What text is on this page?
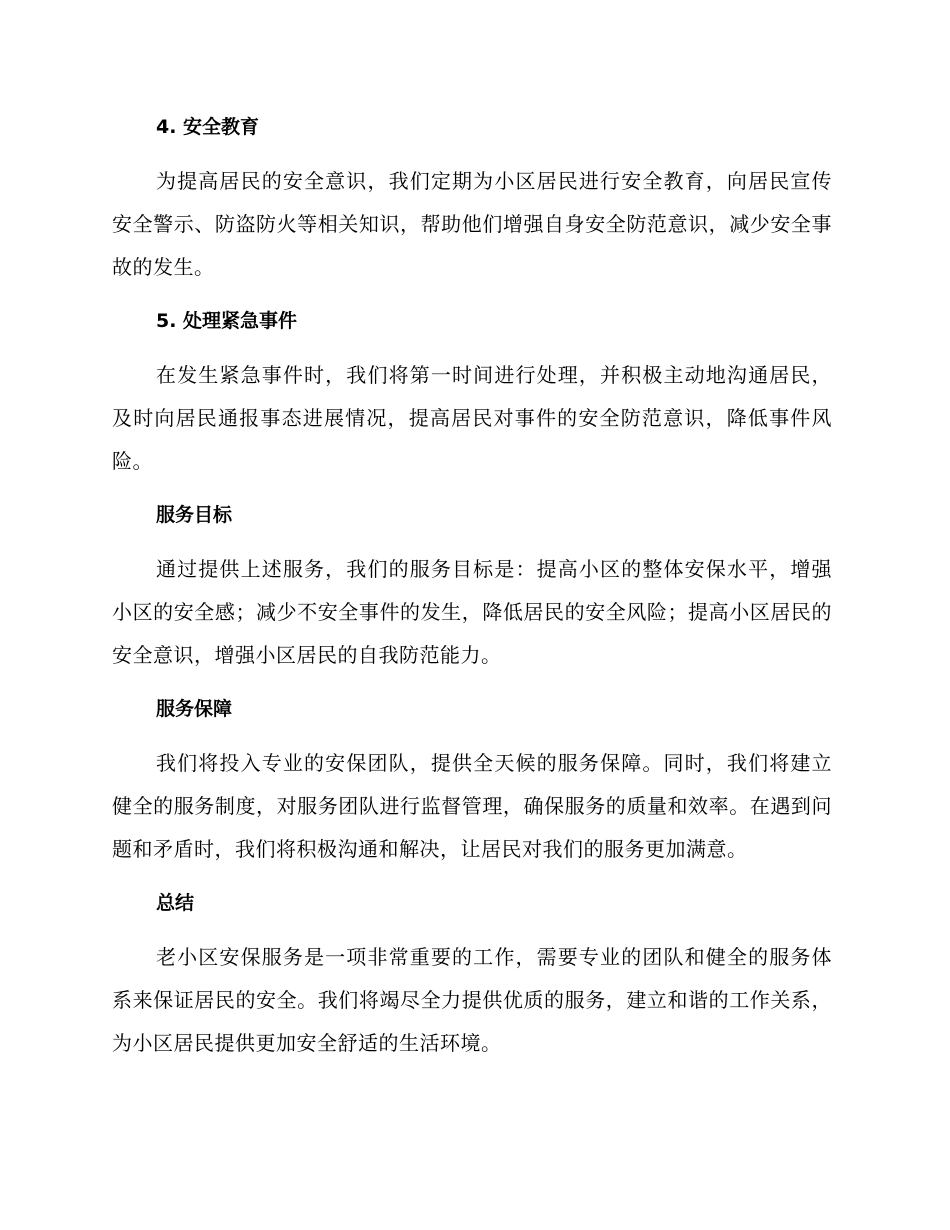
4. 安全教育

为提高居民的安全意识，我们定期为小区居民进行安全教育，向居民宣传安全警示、防盗防火等相关知识，帮助他们增强自身安全防范意识，减少安全事故的发生。

5. 处理紧急事件

在发生紧急事件时，我们将第一时间进行处理，并积极主动地沟通居民，及时向居民通报事态进展情况，提高居民对事件的安全防范意识，降低事件风险。

服务目标

通过提供上述服务，我们的服务目标是：提高小区的整体安保水平，增强小区的安全感；减少不安全事件的发生，降低居民的安全风险；提高小区居民的安全意识，增强小区居民的自我防范能力。

服务保障

我们将投入专业的安保团队，提供全天候的服务保障。同时，我们将建立健全的服务制度，对服务团队进行监督管理，确保服务的质量和效率。在遇到问题和矛盾时，我们将积极沟通和解决，让居民对我们的服务更加满意。

总结

老小区安保服务是一项非常重要的工作，需要专业的团队和健全的服务体系来保证居民的安全。我们将竭尽全力提供优质的服务，建立和谐的工作关系，为小区居民提供更加安全舒适的生活环境。
